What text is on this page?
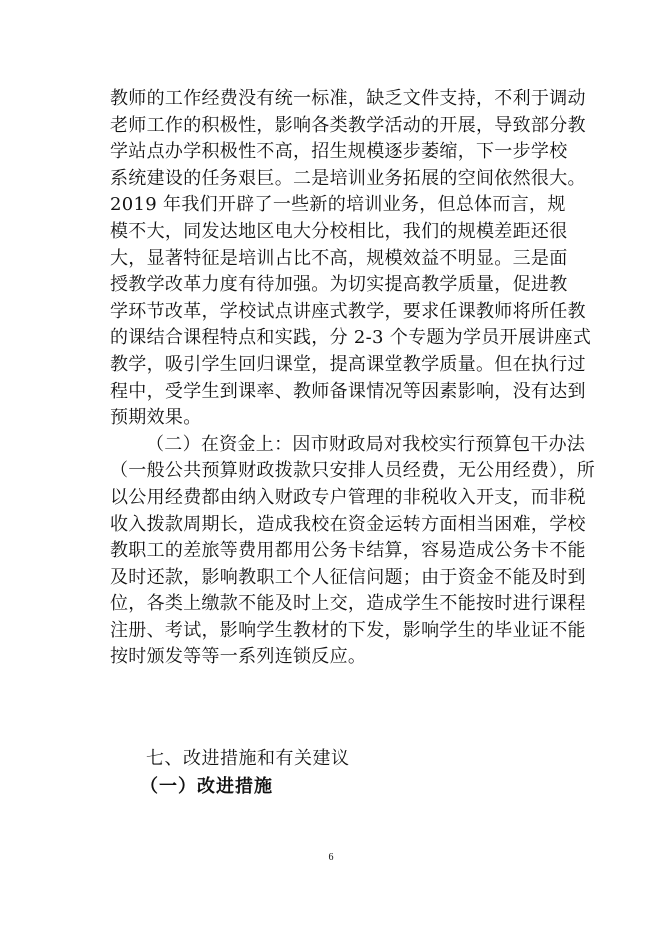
教师的工作经费没有统一标准，缺乏文件支持，不利于调动
老师工作的积极性，影响各类教学活动的开展，导致部分教
学站点办学积极性不高，招生规模逐步萎缩，下一步学校
系统建设的任务艰巨。二是培训业务拓展的空间依然很大。
2019 年我们开辟了一些新的培训业务，但总体而言，规
模不大，同发达地区电大分校相比，我们的规模差距还很
大，显著特征是培训占比不高，规模效益不明显。三是面
授教学改革力度有待加强。为切实提高教学质量，促进教
学环节改革，学校试点讲座式教学，要求任课教师将所任教
的课结合课程特点和实践，分 2-3 个专题为学员开展讲座式
教学，吸引学生回归课堂，提高课堂教学质量。但在执行过
程中，受学生到课率、教师备课情况等因素影响，没有达到
预期效果。
（二）在资金上：因市财政局对我校实行预算包干办法
（一般公共预算财政拨款只安排人员经费，无公用经费），所
以公用经费都由纳入财政专户管理的非税收入开支，而非税
收入拨款周期长，造成我校在资金运转方面相当困难，学校
教职工的差旅等费用都用公务卡结算，容易造成公务卡不能
及时还款，影响教职工个人征信问题；由于资金不能及时到
位，各类上缴款不能及时上交，造成学生不能按时进行课程
注册、考试，影响学生教材的下发，影响学生的毕业证不能
按时颁发等等一系列连锁反应。
七、改进措施和有关建议
（一）改进措施
6
